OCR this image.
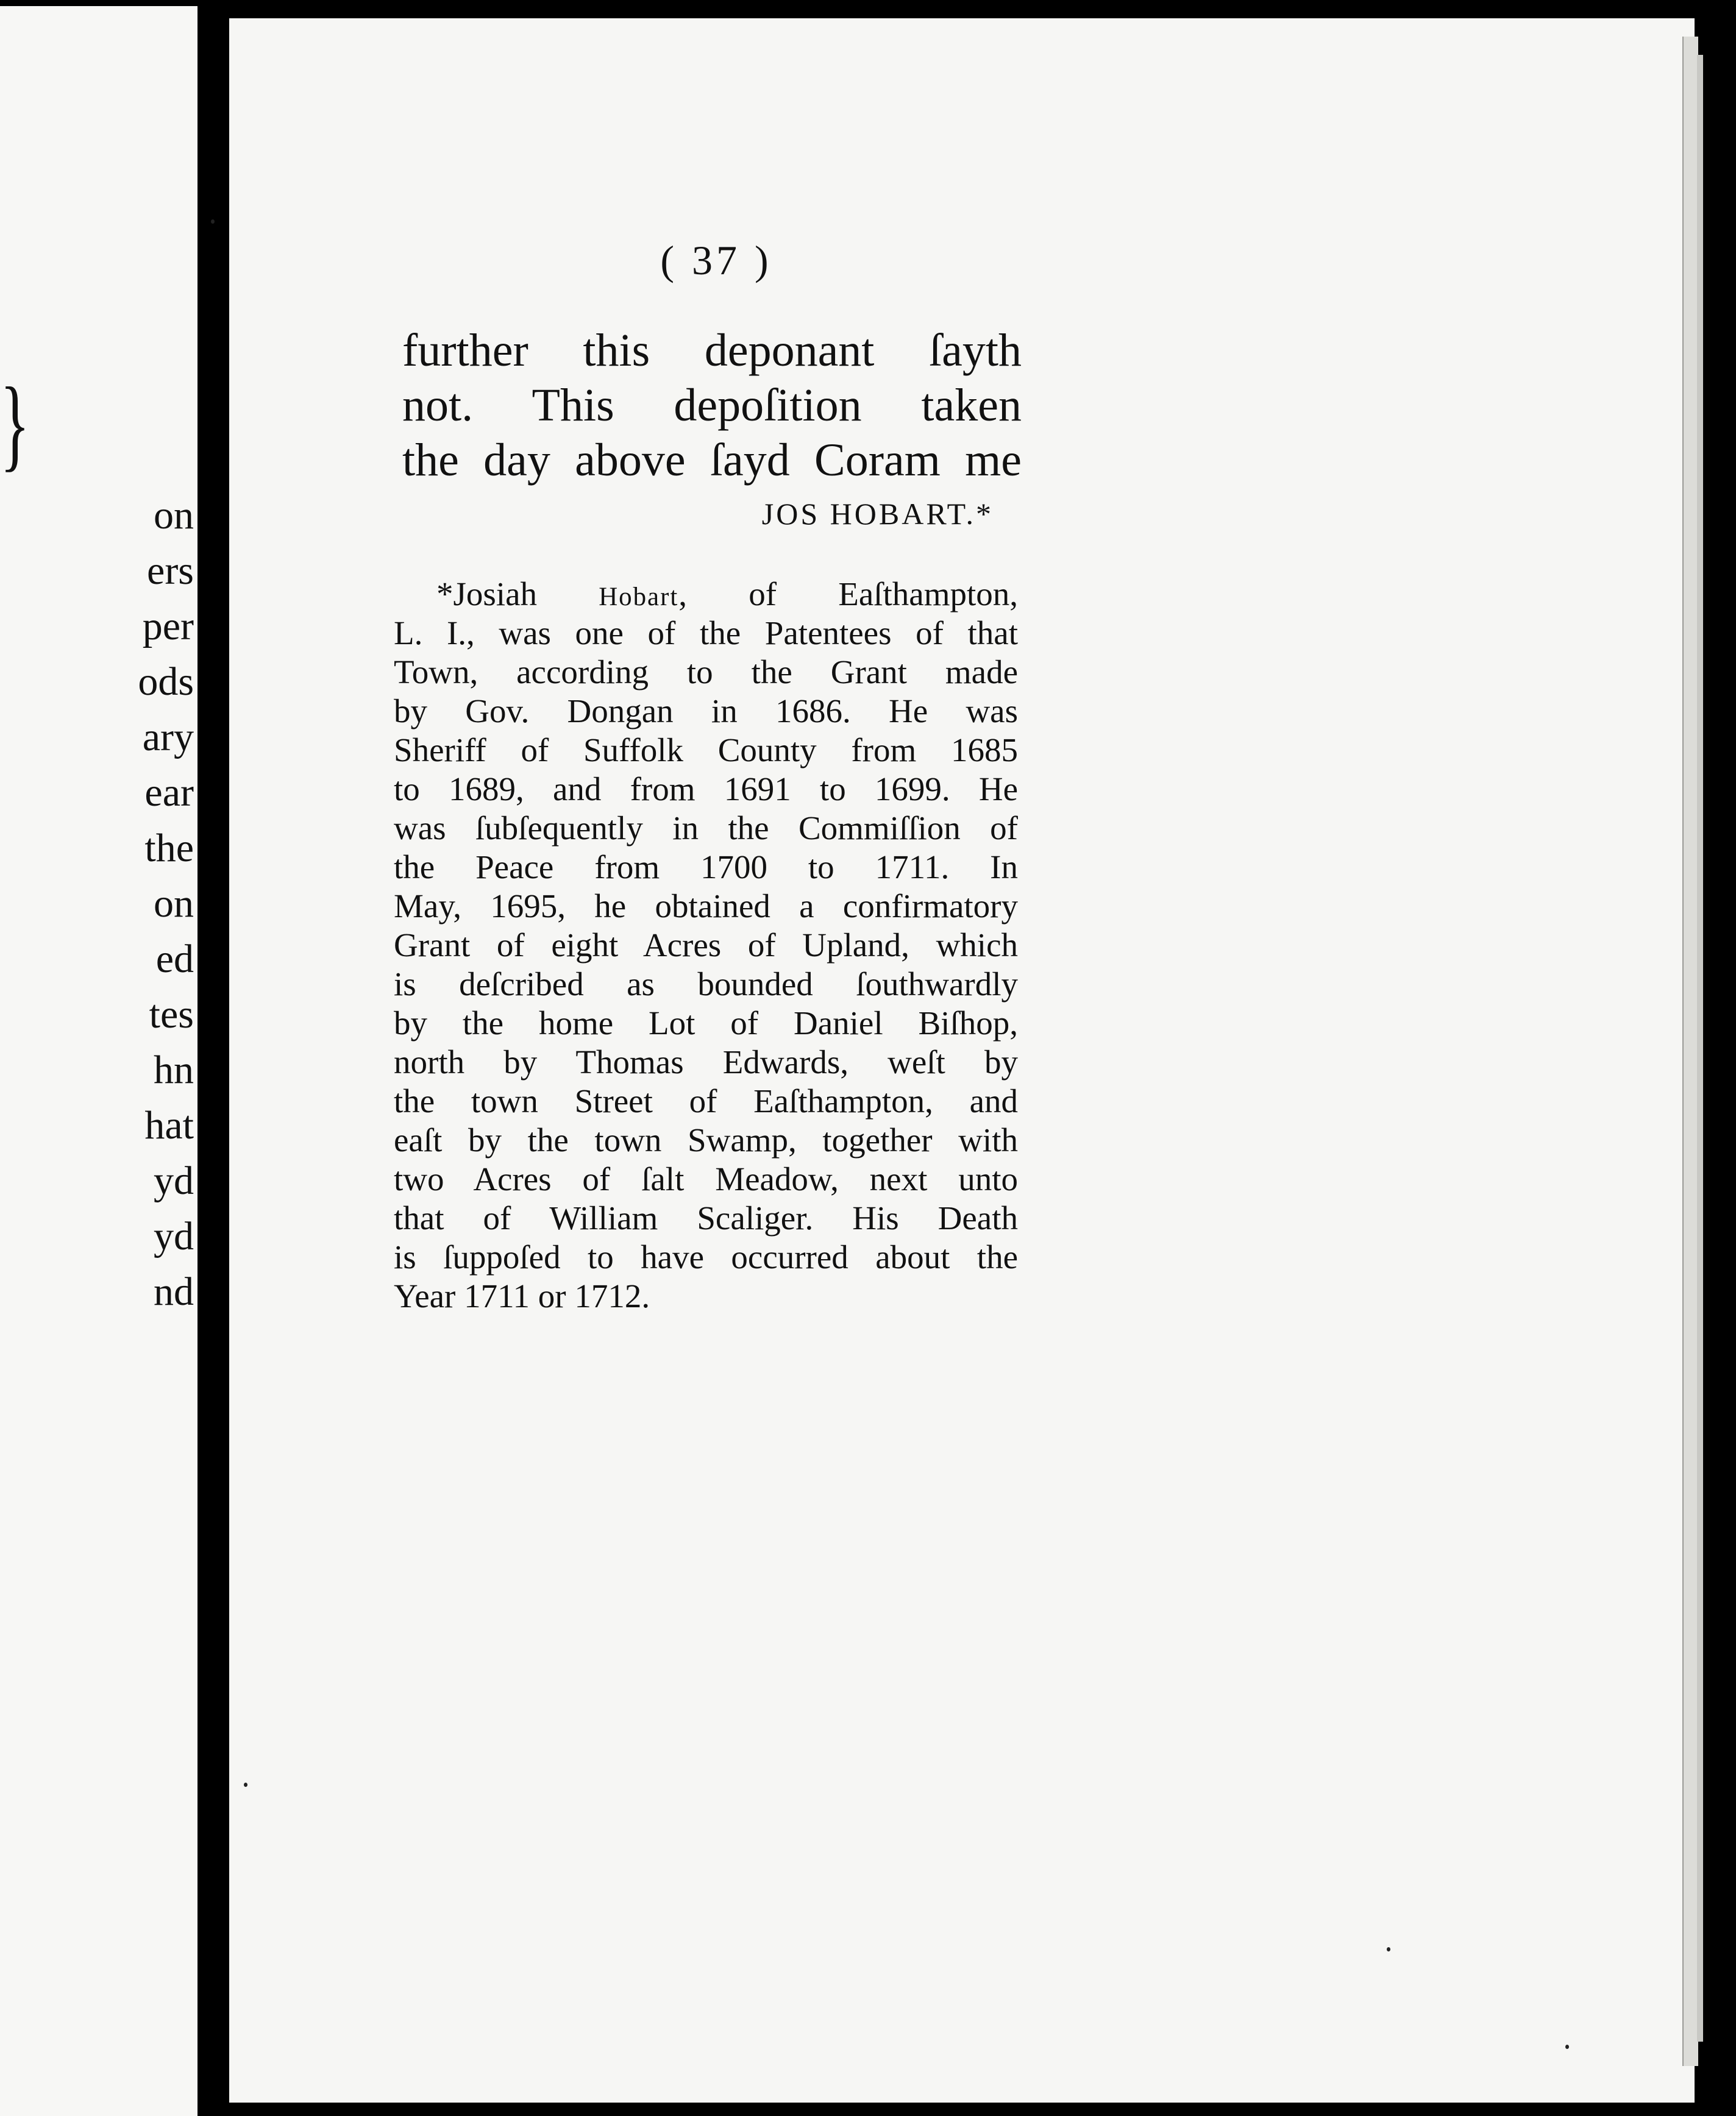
}
on
ers
per
ods
ary
ear
the
on
ed
tes
hn
hat
yd
yd
nd
( 37 )
further this deponant ſayth
not. This depoſition taken
the day above ſayd Coram me
JOS HOBART.*
*Josiah Hobart, of Eaſthampton,
L. I., was one of the Patentees of that
Town, according to the Grant made
by Gov. Dongan in 1686. He was
Sheriff of Suffolk County from 1685
to 1689, and from 1691 to 1699. He
was ſubſequently in the Commiſſion of
the Peace from 1700 to 1711. In
May, 1695, he obtained a confirmatory
Grant of eight Acres of Upland, which
is deſcribed as bounded ſouthwardly
by the home Lot of Daniel Biſhop,
north by Thomas Edwards, weſt by
the town Street of Eaſthampton, and
eaſt by the town Swamp, together with
two Acres of ſalt Meadow, next unto
that of William Scaliger. His Death
is ſuppoſed to have occurred about the
Year 1711 or 1712.
